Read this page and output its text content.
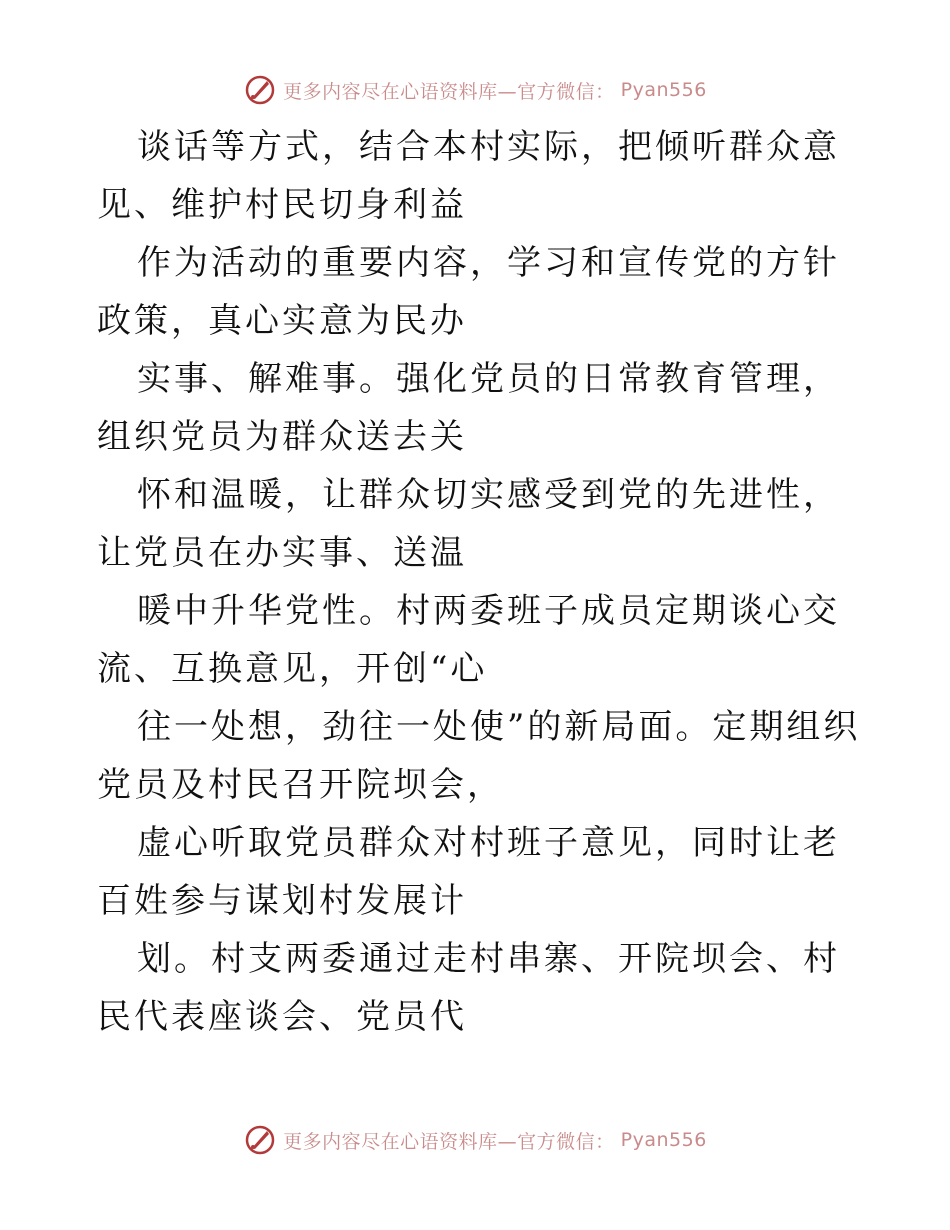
更多内容尽在心语资料库—官方微信： Pyan556

谈话等方式，结合本村实际，把倾听群众意见、维护村民切身利益

作为活动的重要内容，学习和宣传党的方针政策，真心实意为民办

实事、解难事。强化党员的日常教育管理，组织党员为群众送去关

怀和温暖，让群众切实感受到党的先进性，让党员在办实事、送温

暖中升华党性。村两委班子成员定期谈心交流、互换意见，开创“心

往一处想，劲往一处使”的新局面。定期组织党员及村民召开院坝会，

虚心听取党员群众对村班子意见，同时让老百姓参与谋划村发展计

划。村支两委通过走村串寨、开院坝会、村民代表座谈会、党员代

更多内容尽在心语资料库—官方微信： Pyan556
